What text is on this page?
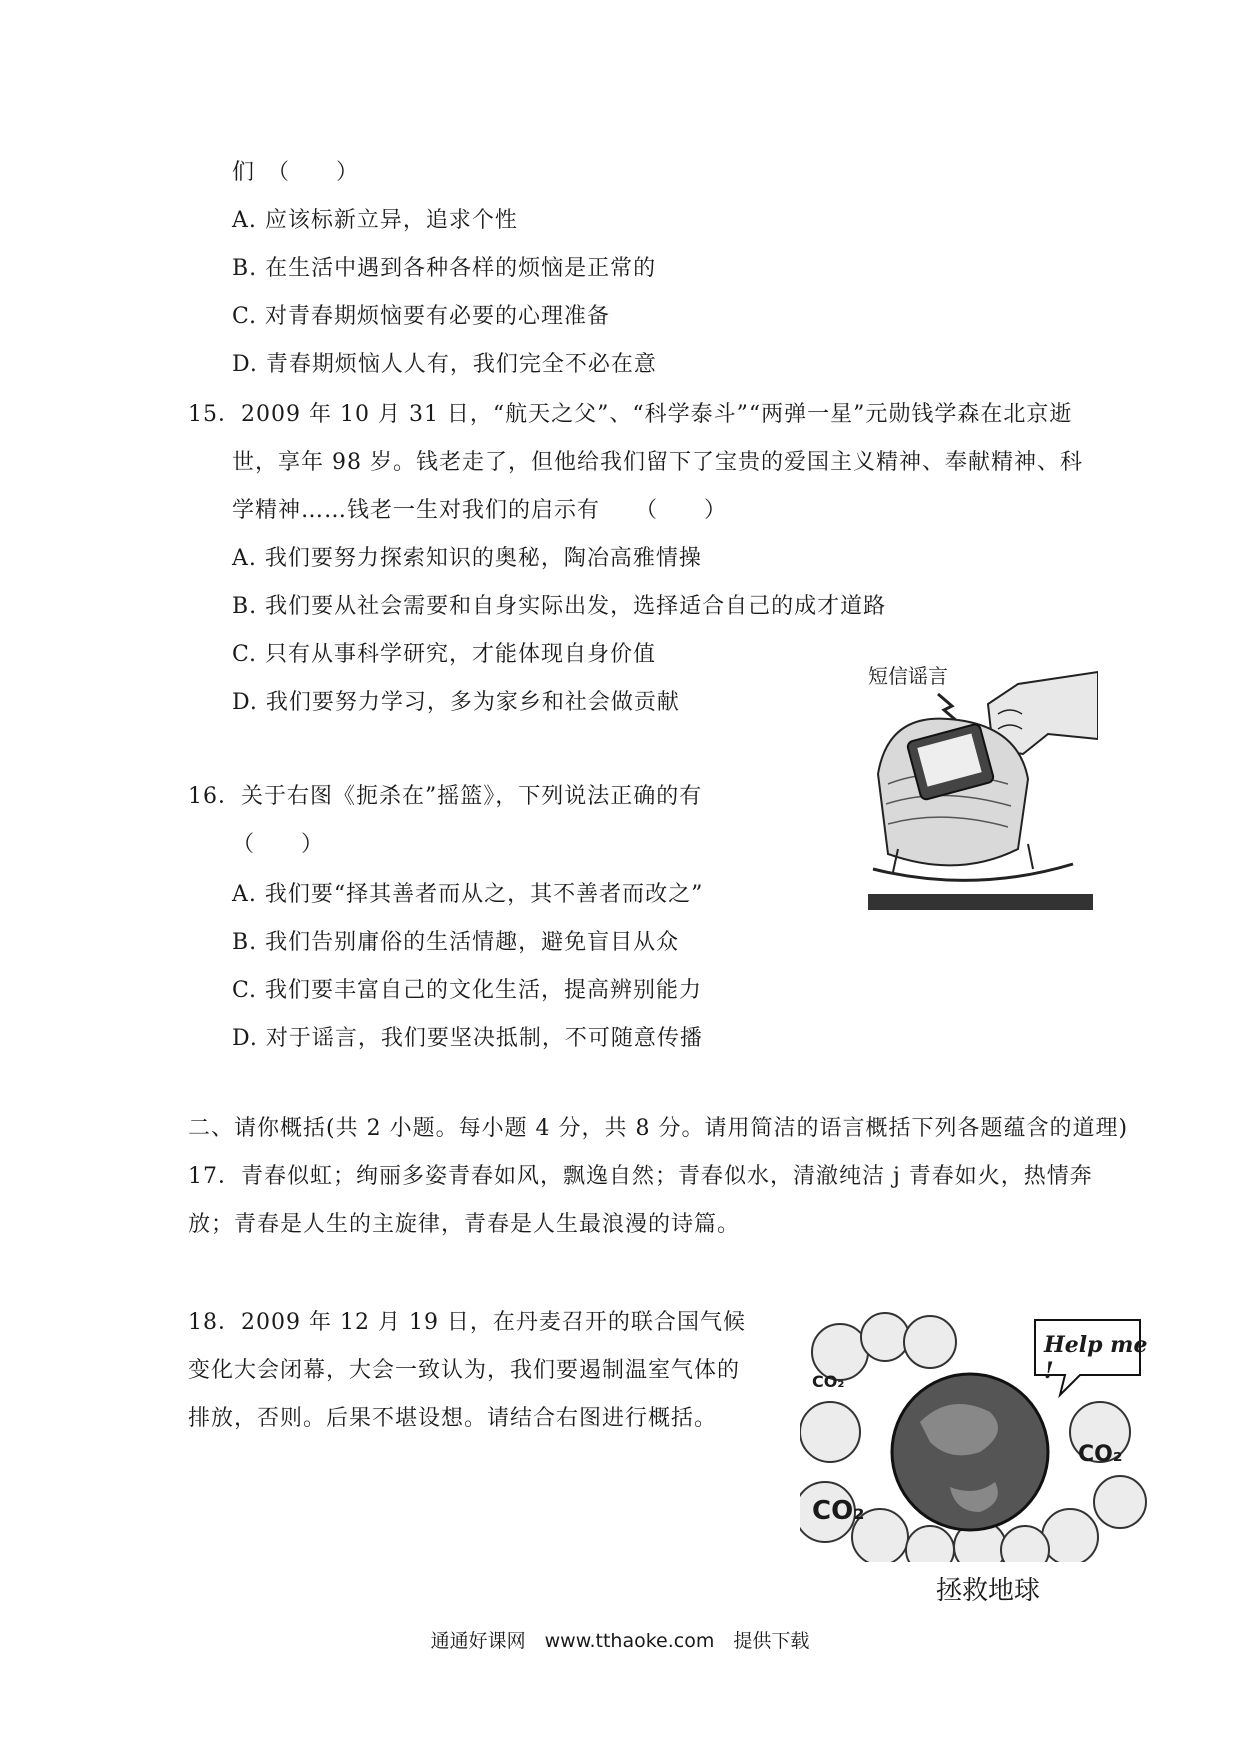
们　（　　）
A. 应该标新立异，追求个性
B. 在生活中遇到各种各样的烦恼是正常的
C. 对青春期烦恼要有必要的心理准备
D. 青春期烦恼人人有，我们完全不必在意
15．2009 年 10 月 31 日，“航天之父”、“科学泰斗”“两弹一星”元勋钱学森在北京逝
世，享年 98 岁。钱老走了，但他给我们留下了宝贵的爱国主义精神、奉献精神、科
学精神……钱老一生对我们的启示有　　（　　）
A. 我们要努力探索知识的奥秘，陶冶高雅情操
B. 我们要从社会需要和自身实际出发，选择适合自己的成才道路
C. 只有从事科学研究，才能体现自身价值
D. 我们要努力学习，多为家乡和社会做贡献
短信谣言
16．关于右图《扼杀在”摇篮》，下列说法正确的有
（　　）
A. 我们要“择其善者而从之，其不善者而改之”
B. 我们告别庸俗的生活情趣，避免盲目从众
C. 我们要丰富自己的文化生活，提高辨别能力
D. 对于谣言，我们要坚决抵制，不可随意传播
二、请你概括(共 2 小题。每小题 4 分，共 8 分。请用简洁的语言概括下列各题蕴含的道理)
17．青春似虹；绚丽多姿青春如风，飘逸自然；青春似水，清澈纯洁 j 青春如火，热情奔
放；青春是人生的主旋律，青春是人生最浪漫的诗篇。
18．2009 年 12 月 19 日，在丹麦召开的联合国气候
变化大会闭幕，大会一致认为，我们要遏制温室气体的
排放，否则。后果不堪设想。请结合右图进行概括。
Help me !
CO₂
CO₂
CO₂
拯救地球
通通好课网　www.tthaoke.com　提供下载
